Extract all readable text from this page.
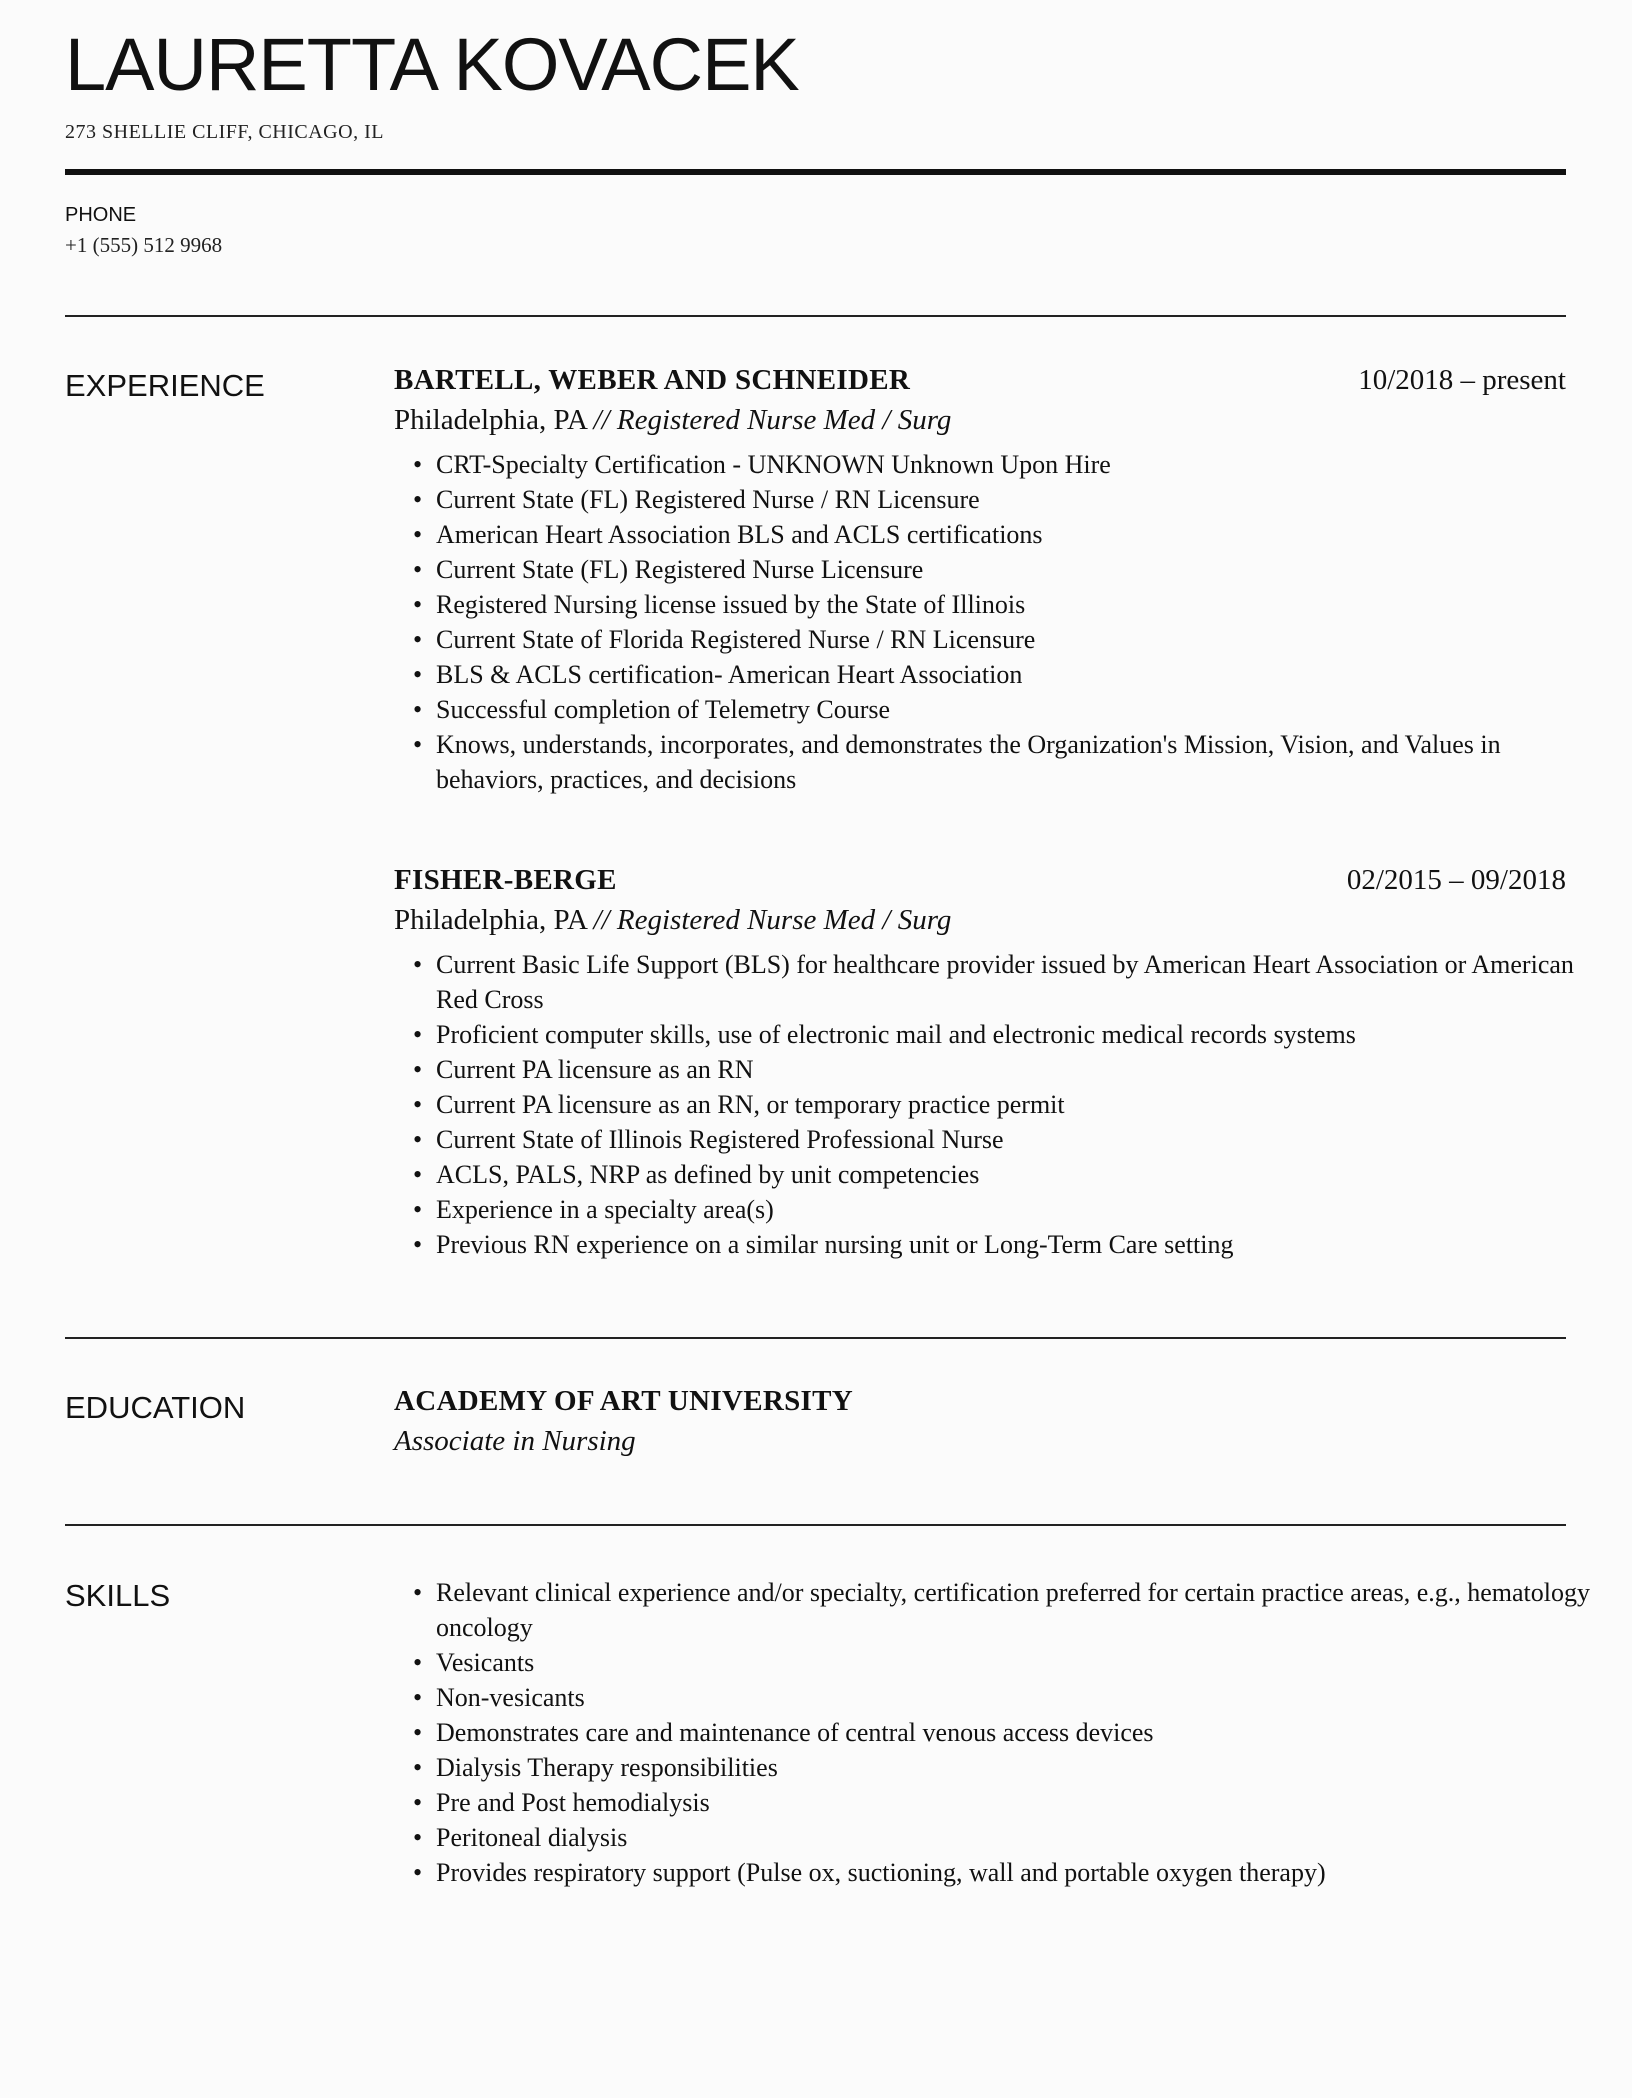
LAURETTA KOVACEK
273 SHELLIE CLIFF, CHICAGO, IL
PHONE
+1 (555) 512 9968
EXPERIENCE	BARTELL, WEBER AND SCHNEIDER	10/2018 – present
Philadelphia, PA // Registered Nurse Med / Surg
• CRT-Specialty Certification - UNKNOWN Unknown Upon Hire
• Current State (FL) Registered Nurse / RN Licensure
• American Heart Association BLS and ACLS certifications
• Current State (FL) Registered Nurse Licensure
• Registered Nursing license issued by the State of Illinois
• Current State of Florida Registered Nurse / RN Licensure
• BLS & ACLS certification- American Heart Association
• Successful completion of Telemetry Course
• Knows, understands, incorporates, and demonstrates the Organization's Mission, Vision, and Values in behaviors, practices, and decisions
FISHER-BERGE	02/2015 – 09/2018
Philadelphia, PA // Registered Nurse Med / Surg
• Current Basic Life Support (BLS) for healthcare provider issued by American Heart Association or American Red Cross
• Proficient computer skills, use of electronic mail and electronic medical records systems
• Current PA licensure as an RN
• Current PA licensure as an RN, or temporary practice permit
• Current State of Illinois Registered Professional Nurse
• ACLS, PALS, NRP as defined by unit competencies
• Experience in a specialty area(s)
• Previous RN experience on a similar nursing unit or Long-Term Care setting
EDUCATION	ACADEMY OF ART UNIVERSITY
Associate in Nursing
SKILLS	• Relevant clinical experience and/or specialty, certification preferred for certain practice areas, e.g., hematology oncology
• Vesicants
• Non-vesicants
• Demonstrates care and maintenance of central venous access devices
• Dialysis Therapy responsibilities
• Pre and Post hemodialysis
• Peritoneal dialysis
• Provides respiratory support (Pulse ox, suctioning, wall and portable oxygen therapy)
